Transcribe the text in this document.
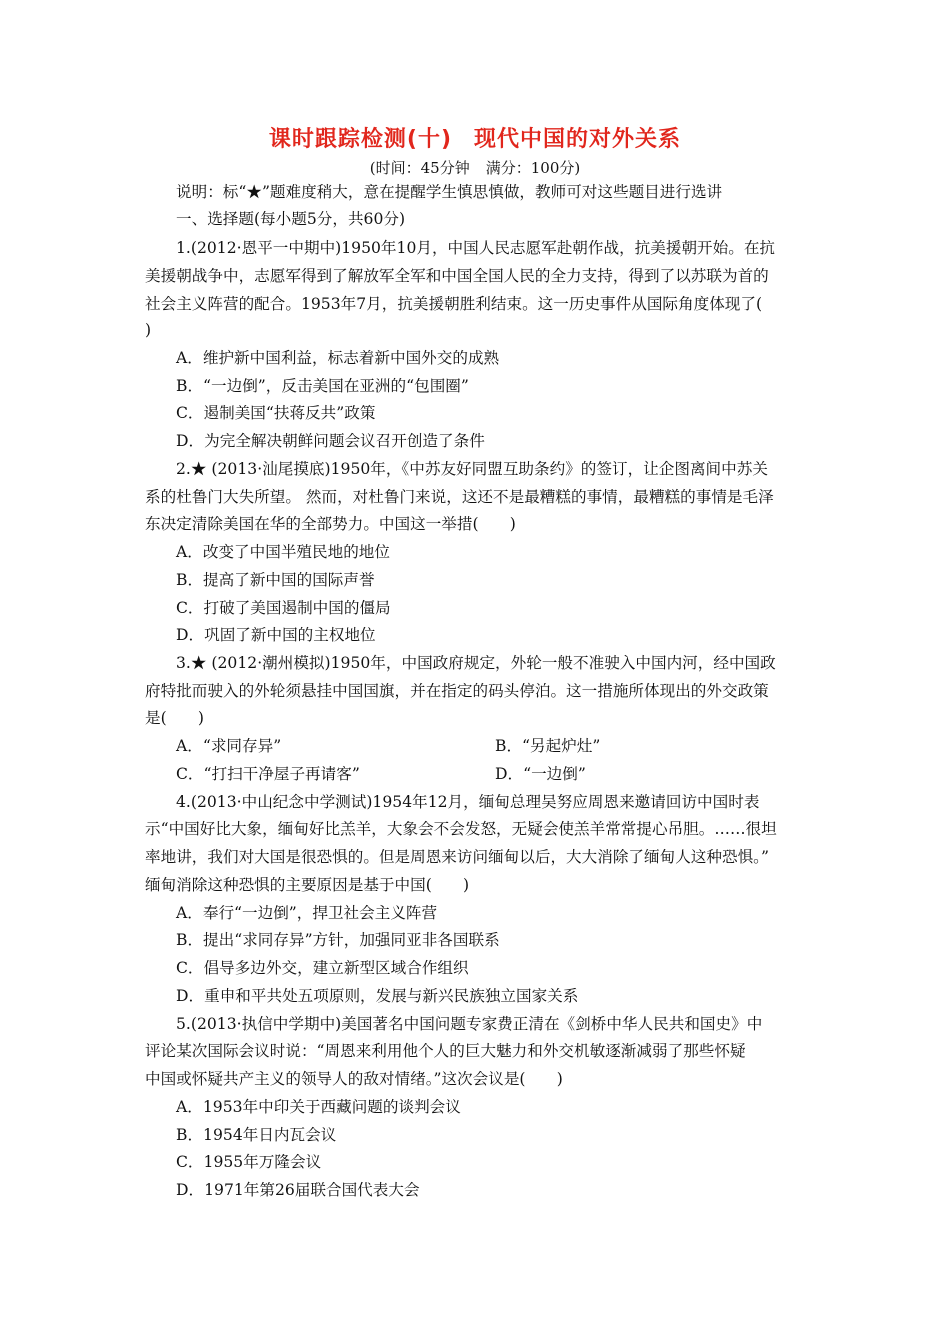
课时跟踪检测(十) 现代中国的对外关系
(时间：45分钟 满分：100分)
说明：标“★”题难度稍大，意在提醒学生慎思慎做，教师可对这些题目进行选讲
一、选择题(每小题5分，共60分)
1.(2012·恩平一中期中)1950年10月，中国人民志愿军赴朝作战，抗美援朝开始。在抗
美援朝战争中，志愿军得到了解放军全军和中国全国人民的全力支持，得到了以苏联为首的
社会主义阵营的配合。1953年7月，抗美援朝胜利结束。这一历史事件从国际角度体现了(
)
A．维护新中国利益，标志着新中国外交的成熟
B．“一边倒”，反击美国在亚洲的“包围圈”
C．遏制美国“扶蒋反共”政策
D．为完全解决朝鲜问题会议召开创造了条件
2.★ (2013·汕尾摸底)1950年，《中苏友好同盟互助条约》的签订，让企图离间中苏关
系的杜鲁门大失所望。 然而，对杜鲁门来说，这还不是最糟糕的事情，最糟糕的事情是毛泽
东决定清除美国在华的全部势力。中国这一举措(　　)
A．改变了中国半殖民地的地位
B．提高了新中国的国际声誉
C．打破了美国遏制中国的僵局
D．巩固了新中国的主权地位
3.★ (2012·潮州模拟)1950年，中国政府规定，外轮一般不准驶入中国内河，经中国政
府特批而驶入的外轮须悬挂中国国旗，并在指定的码头停泊。这一措施所体现出的外交政策
是(　　)
A．“求同存异”	B．“另起炉灶”
C．“打扫干净屋子再请客”	D．“一边倒”
4.(2013·中山纪念中学测试)1954年12月，缅甸总理吴努应周恩来邀请回访中国时表
示“中国好比大象，缅甸好比羔羊，大象会不会发怒，无疑会使羔羊常常提心吊胆。……很坦
率地讲，我们对大国是很恐惧的。但是周恩来访问缅甸以后，大大消除了缅甸人这种恐惧。”
缅甸消除这种恐惧的主要原因是基于中国(　　)
A．奉行“一边倒”，捍卫社会主义阵营
B．提出“求同存异”方针，加强同亚非各国联系
C．倡导多边外交，建立新型区域合作组织
D．重申和平共处五项原则，发展与新兴民族独立国家关系
5.(2013·执信中学期中)美国著名中国问题专家费正清在《剑桥中华人民共和国史》中
评论某次国际会议时说：“周恩来利用他个人的巨大魅力和外交机敏逐渐减弱了那些怀疑
中国或怀疑共产主义的领导人的敌对情绪。”这次会议是(　　)
A．1953年中印关于西藏问题的谈判会议
B．1954年日内瓦会议
C．1955年万隆会议
D．1971年第26届联合国代表大会
